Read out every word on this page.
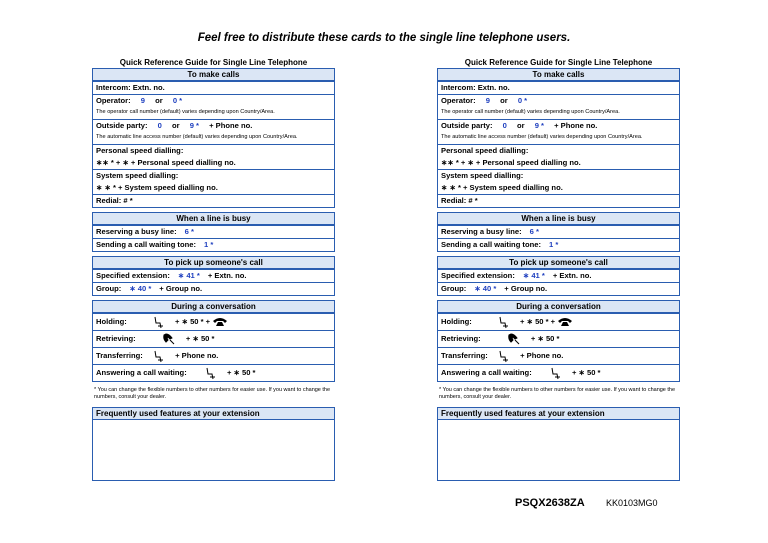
Feel free to distribute these cards to the single line telephone users.
Quick Reference Guide for Single Line Telephone
To make calls
Intercom: Extn. no.
Operator: 9 or 0 *
The operator call number (default) varies depending upon Country/Area.
Outside party: 0 or 9 * + Phone no.
The automatic line access number (default) varies depending upon Country/Area.
Personal speed dialling:
∗∗ * + ∗ + Personal speed dialling no.
System speed dialling:
∗ ∗ * + System speed dialling no.
Redial: # *
When a line is busy
Reserving a busy line: 6 *
Sending a call waiting tone: 1 *
To pick up someone's call
Specified extension: ∗ 41 * + Extn. no.
Group: ∗ 40 * + Group no.
During a conversation
Holding:	+ ∗ 50 * +
Retrieving:	+ ∗ 50 *
Transferring:	+ Phone no.
Answering a call waiting:	+ ∗ 50 *
* You can change the flexible numbers to other numbers for easier use. If you want to change the numbers, consult your dealer.
Frequently used features at your extension
Quick Reference Guide for Single Line Telephone
To make calls
Intercom: Extn. no.
Operator: 9 or 0 *
The operator call number (default) varies depending upon Country/Area.
Outside party: 0 or 9 * + Phone no.
The automatic line access number (default) varies depending upon Country/Area.
Personal speed dialling:
∗∗ * + ∗ + Personal speed dialling no.
System speed dialling:
∗ ∗ * + System speed dialling no.
Redial: # *
When a line is busy
Reserving a busy line: 6 *
Sending a call waiting tone: 1 *
To pick up someone's call
Specified extension: ∗ 41 * + Extn. no.
Group: ∗ 40 * + Group no.
During a conversation
Holding:	+ ∗ 50 * +
Retrieving:	+ ∗ 50 *
Transferring:	+ Phone no.
Answering a call waiting:	+ ∗ 50 *
* You can change the flexible numbers to other numbers for easier use. If you want to change the numbers, consult your dealer.
Frequently used features at your extension
PSQX2638ZA KK0103MG0
